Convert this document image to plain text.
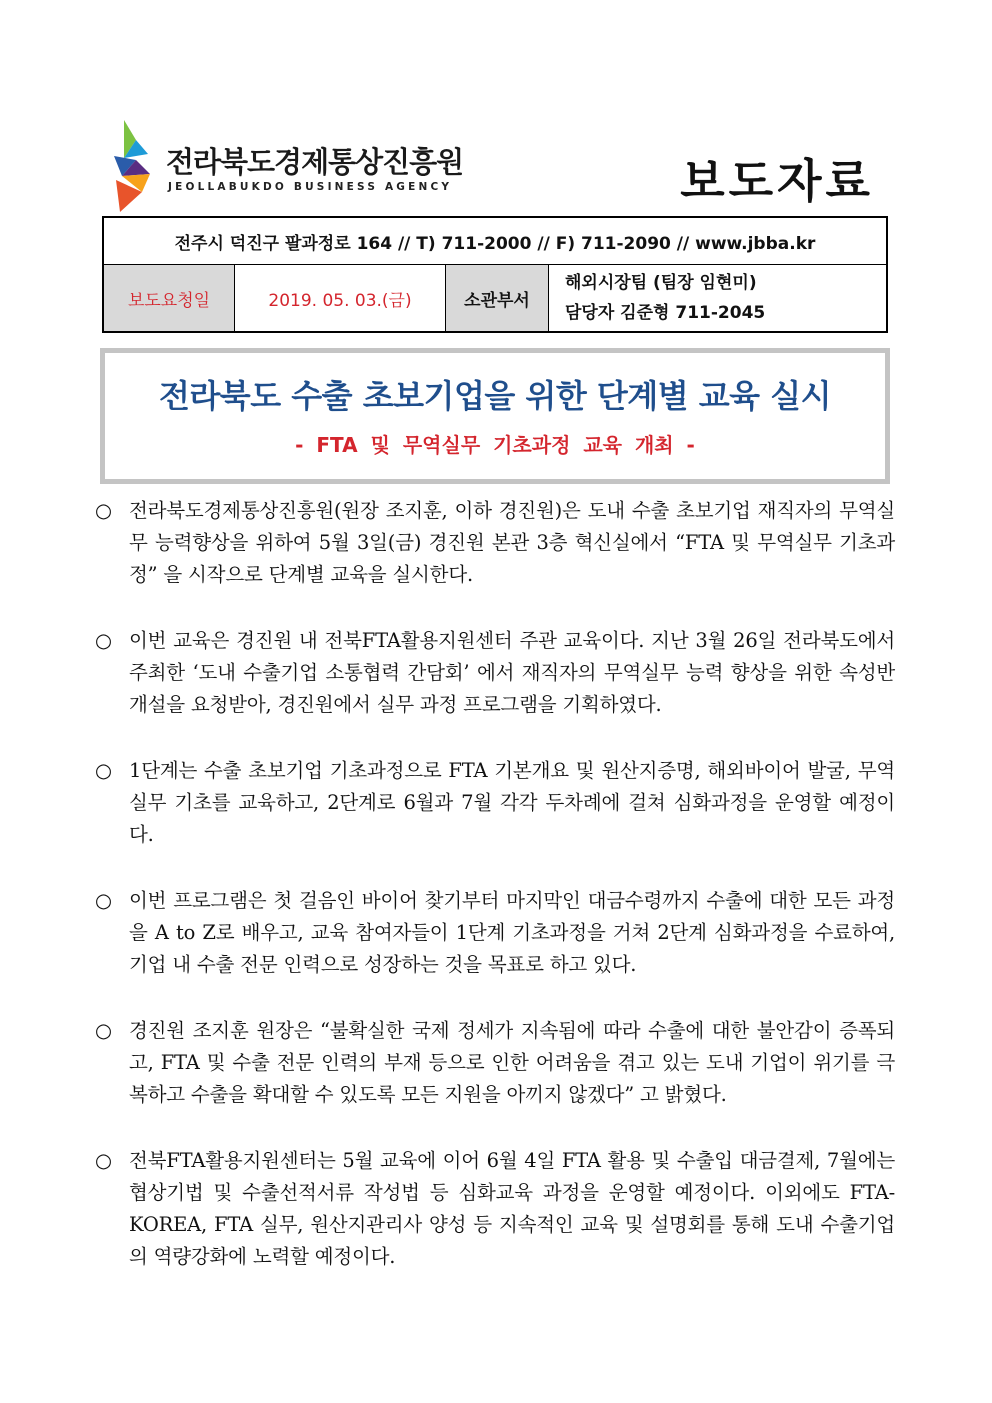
전라북도경제통상진흥원
JEOLLABUKDO BUSINESS AGENCY	보도자료
전주시 덕진구 팔과정로 164 // T) 711-2000 // F) 711-2090 // www.jbba.kr
보도요청일	2019. 05. 03.(금)	소관부서	
해외시장팀 (팀장 임현미)
담당자 김준형 711-2045
전라북도 수출 초보기업을 위한 단계별 교육 실시
- FTA 및 무역실무 기초과정 교육 개최 -
○ 전라북도경제통상진흥원(원장 조지훈, 이하 경진원)은 도내 수출 초보기업 재직자의 무역실무 능력향상을 위하여 5월 3일(금) 경진원 본관 3층 혁신실에서 “FTA 및 무역실무 기초과정” 을 시작으로 단계별 교육을 실시한다.
○ 이번 교육은 경진원 내 전북FTA활용지원센터 주관 교육이다. 지난 3월 26일 전라북도에서 주최한 ‘도내 수출기업 소통협력 간담회’ 에서 재직자의 무역실무 능력 향상을 위한 속성반 개설을 요청받아, 경진원에서 실무 과정 프로그램을 기획하였다.
○ 1단계는 수출 초보기업 기초과정으로 FTA 기본개요 및 원산지증명, 해외바이어 발굴, 무역실무 기초를 교육하고, 2단계로 6월과 7월 각각 두차례에 걸쳐 심화과정을 운영할 예정이다.
○ 이번 프로그램은 첫 걸음인 바이어 찾기부터 마지막인 대금수령까지 수출에 대한 모든 과정을 A to Z로 배우고, 교육 참여자들이 1단계 기초과정을 거쳐 2단계 심화과정을 수료하여, 기업 내 수출 전문 인력으로 성장하는 것을 목표로 하고 있다.
○ 경진원 조지훈 원장은 “불확실한 국제 정세가 지속됨에 따라 수출에 대한 불안감이 증폭되고, FTA 및 수출 전문 인력의 부재 등으로 인한 어려움을 겪고 있는 도내 기업이 위기를 극복하고 수출을 확대할 수 있도록 모든 지원을 아끼지 않겠다” 고 밝혔다.
○ 전북FTA활용지원센터는 5월 교육에 이어 6월 4일 FTA 활용 및 수출입 대금결제, 7월에는 협상기법 및 수출선적서류 작성법 등 심화교육 과정을 운영할 예정이다. 이외에도 FTA-KOREA, FTA 실무, 원산지관리사 양성 등 지속적인 교육 및 설명회를 통해 도내 수출기업의 역량강화에 노력할 예정이다.
